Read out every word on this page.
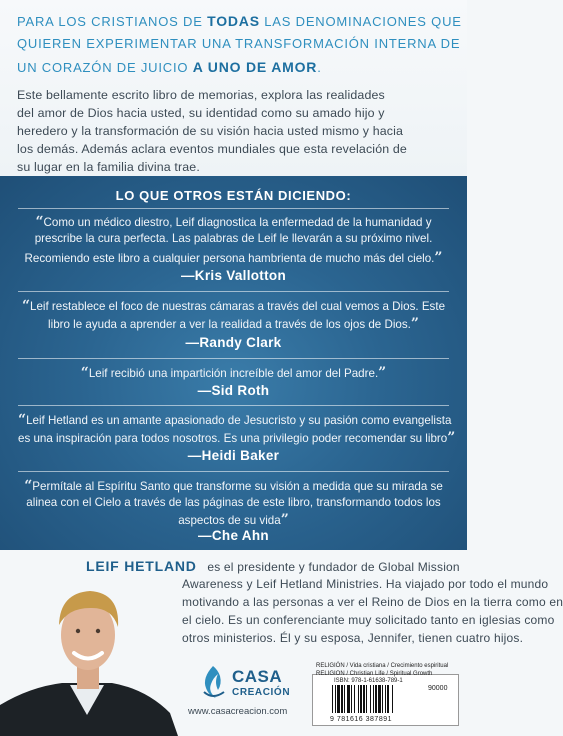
PARA LOS CRISTIANOS DE TODAS LAS DENOMINACIONES QUE
QUIEREN EXPERIMENTAR UNA TRANSFORMACIÓN INTERNA DE
UN CORAZÓN DE JUICIO A UNO DE AMOR.
Este bellamente escrito libro de memorias, explora las realidades
del amor de Dios hacia usted, su identidad como su amado hijo y
heredero y la transformación de su visión hacia usted mismo y hacia
los demás. Además aclara eventos mundiales que esta revelación de
su lugar en la familia divina trae.
LO QUE OTROS ESTÁN DICIENDO:
“Como un médico diestro, Leif diagnostica la enfermedad de la humanidad y
prescribe la cura perfecta. Las palabras de Leif le llevarán a su próximo nivel.
Recomiendo este libro a cualquier persona hambrienta de mucho más del cielo.”
—Kris Vallotton
“Leif restablece el foco de nuestras cámaras a través del cual vemos a Dios. Este
libro le ayuda a aprender a ver la realidad a través de los ojos de Dios.”
—Randy Clark
“Leif recibió una impartición increíble del amor del Padre.”
—Sid Roth
“Leif Hetland es un amante apasionado de Jesucristo y su pasión como evangelista
es una inspiración para todos nosotros. Es una privilegio poder recomendar su libro”
—Heidi Baker
“Permítale al Espíritu Santo que transforme su visión a medida que su mirada se
alinea con el Cielo a través de las páginas de este libro, transformando todos los
aspectos de su vida”
—Che Ahn
LEIF HETLAND es el presidente y fundador de Global Mission
Awareness y Leif Hetland Ministries. Ha viajado por todo el mundo
motivando a las personas a ver el Reino de Dios en la tierra como en
el cielo. Es un conferenciante muy solicitado tanto en iglesias como
otros ministerios. Él y su esposa, Jennifer, tienen cuatro hijos.
CASA
CREACIÓN
www.casacreacion.com
RELIGIÓN / Vida cristiana / Crecimiento espiritual
RELIGION / Christian Life / Spiritual Growth
ISBN: 978-1-61638-789-1
90000
9 781616 387891
